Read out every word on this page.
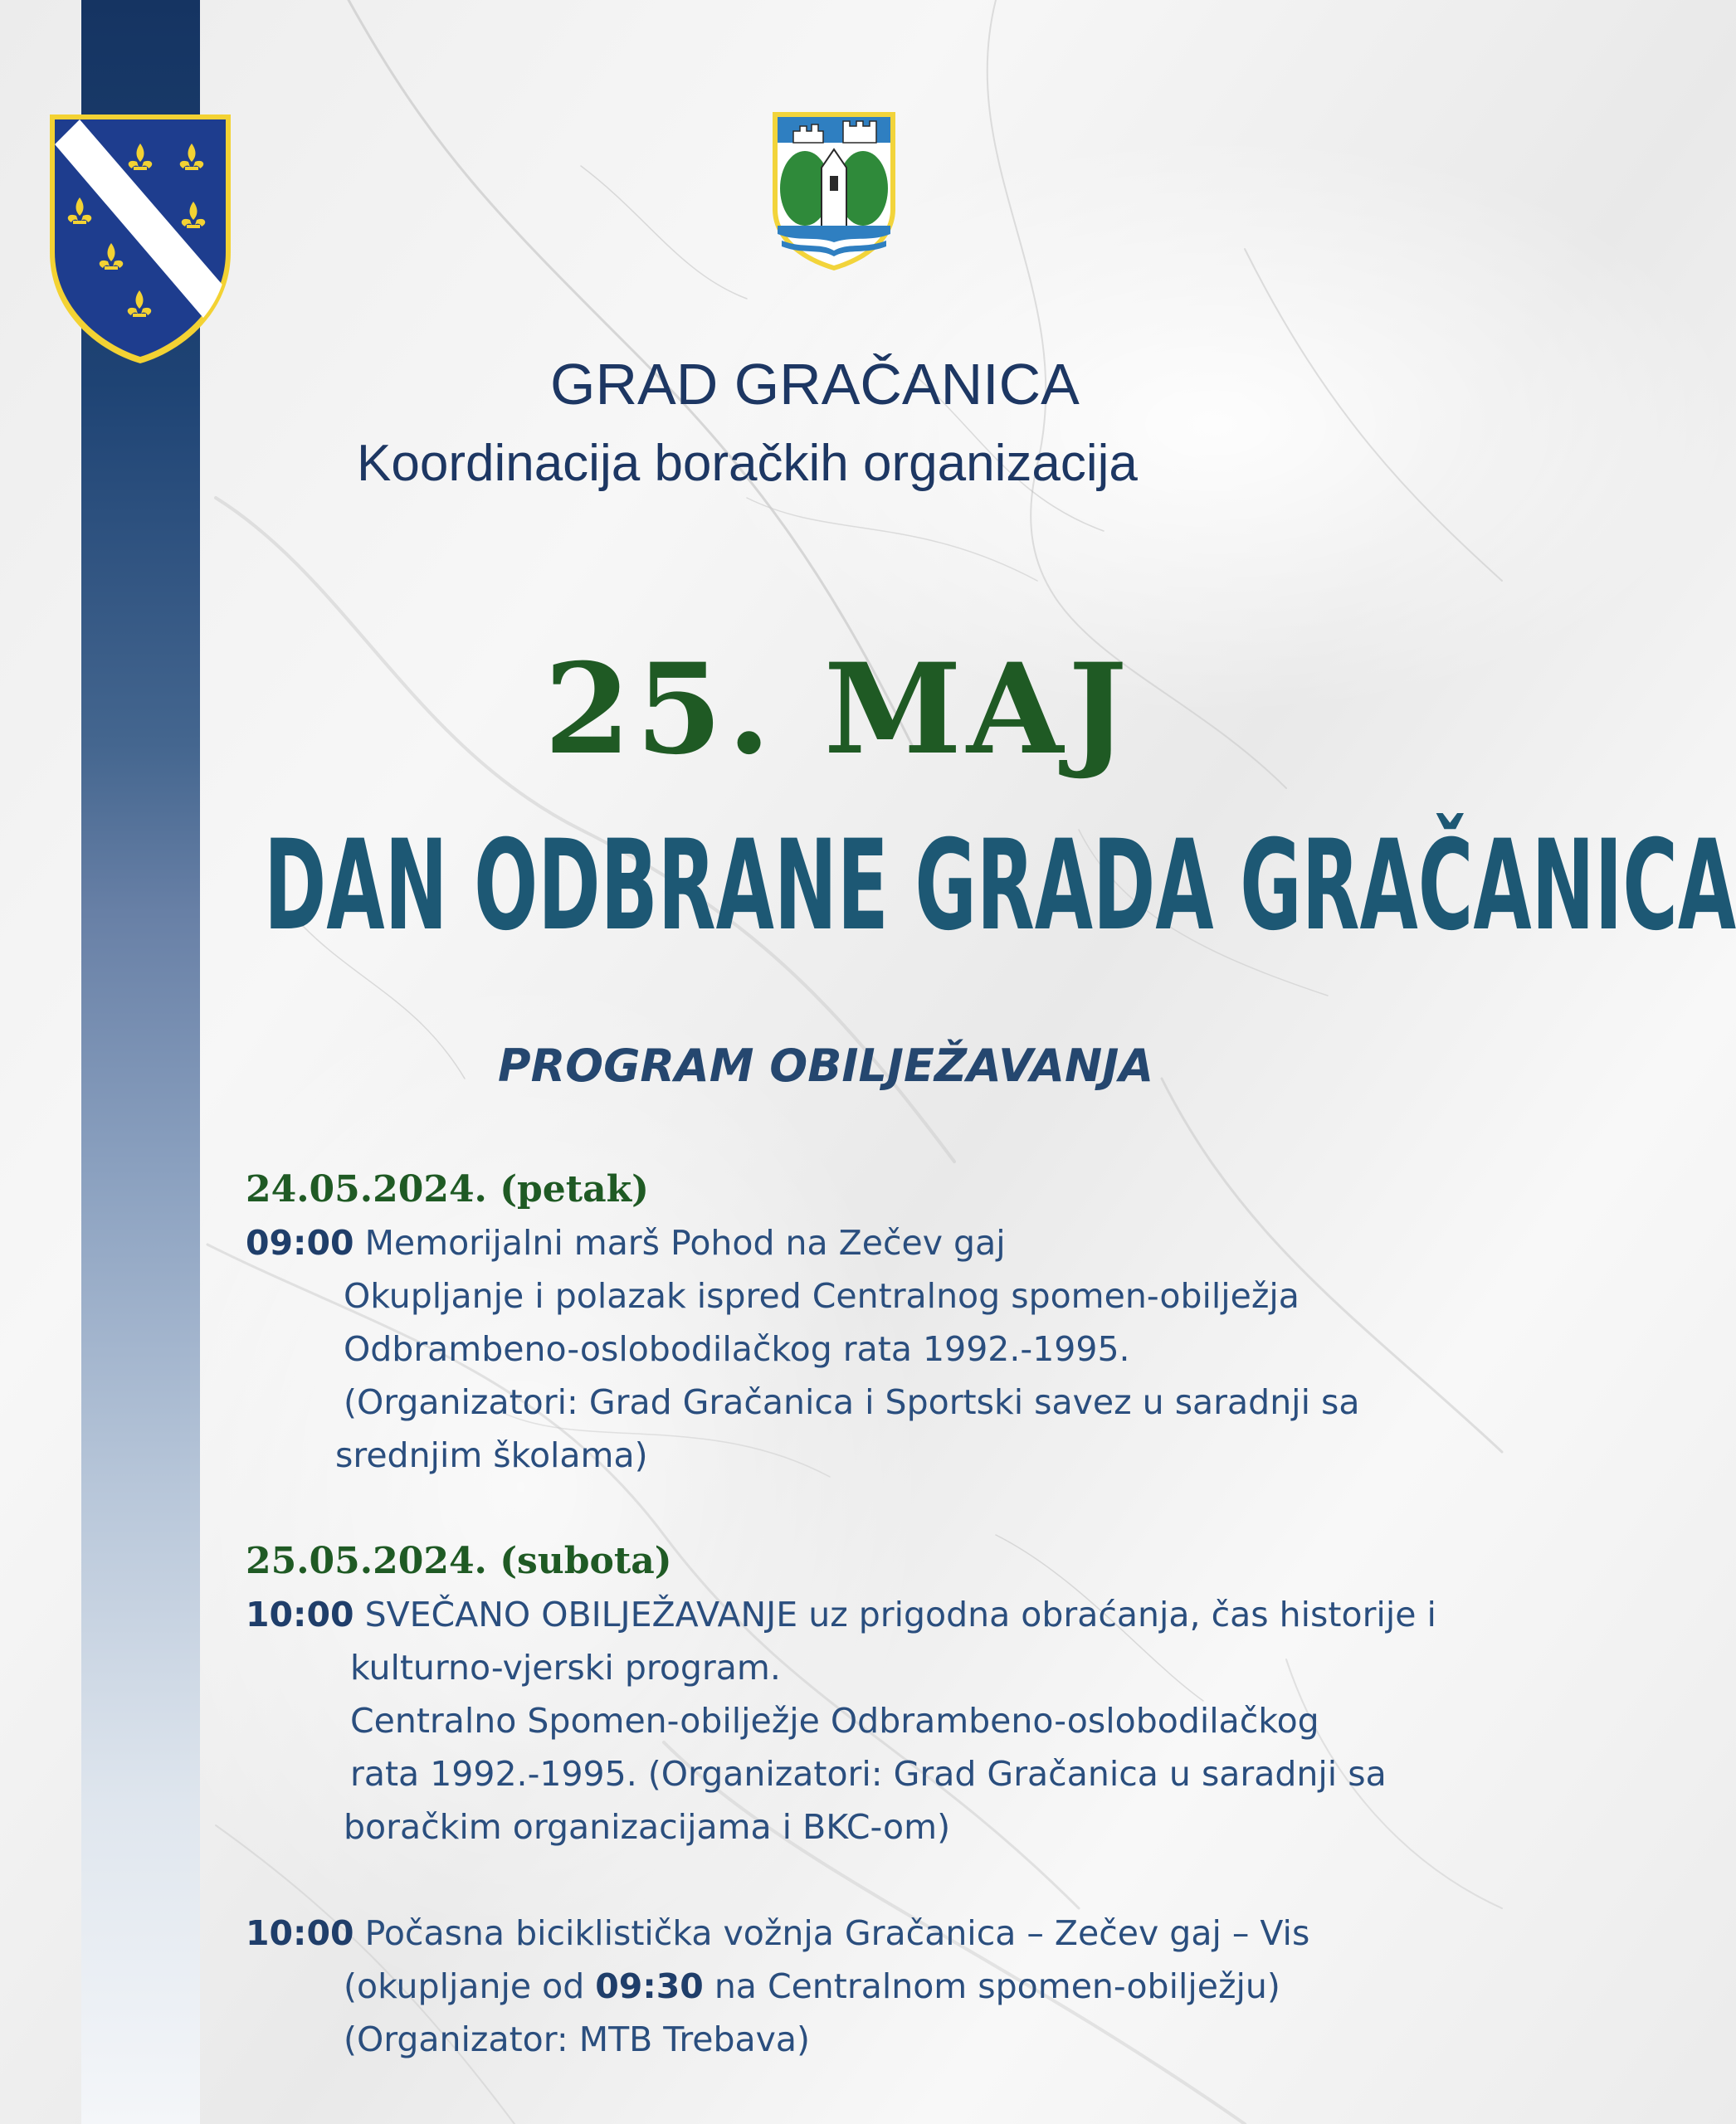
GRAD GRAČANICA
Koordinacija boračkih organizacija
25. MAJ
DAN ODBRANE GRADA GRAČANICA
PROGRAM OBILJEŽAVANJA
24.05.2024. (petak)
09:00 Memorijalni marš Pohod na Zečev gaj
Okupljanje i polazak ispred Centralnog spomen-obilježja
Odbrambeno-oslobodilačkog rata 1992.-1995.
(Organizatori: Grad Gračanica i Sportski savez u saradnji sa
srednjim školama)
25.05.2024. (subota)
10:00 SVEČANO OBILJEŽAVANJE uz prigodna obraćanja, čas historije i
kulturno-vjerski program.
Centralno Spomen-obilježje Odbrambeno-oslobodilačkog
rata 1992.-1995. (Organizatori: Grad Gračanica u saradnji sa
boračkim organizacijama i BKC-om)
10:00 Počasna biciklistička vožnja Gračanica – Zečev gaj – Vis
(okupljanje od 09:30 na Centralnom spomen-obilježju)
(Organizator: MTB Trebava)
